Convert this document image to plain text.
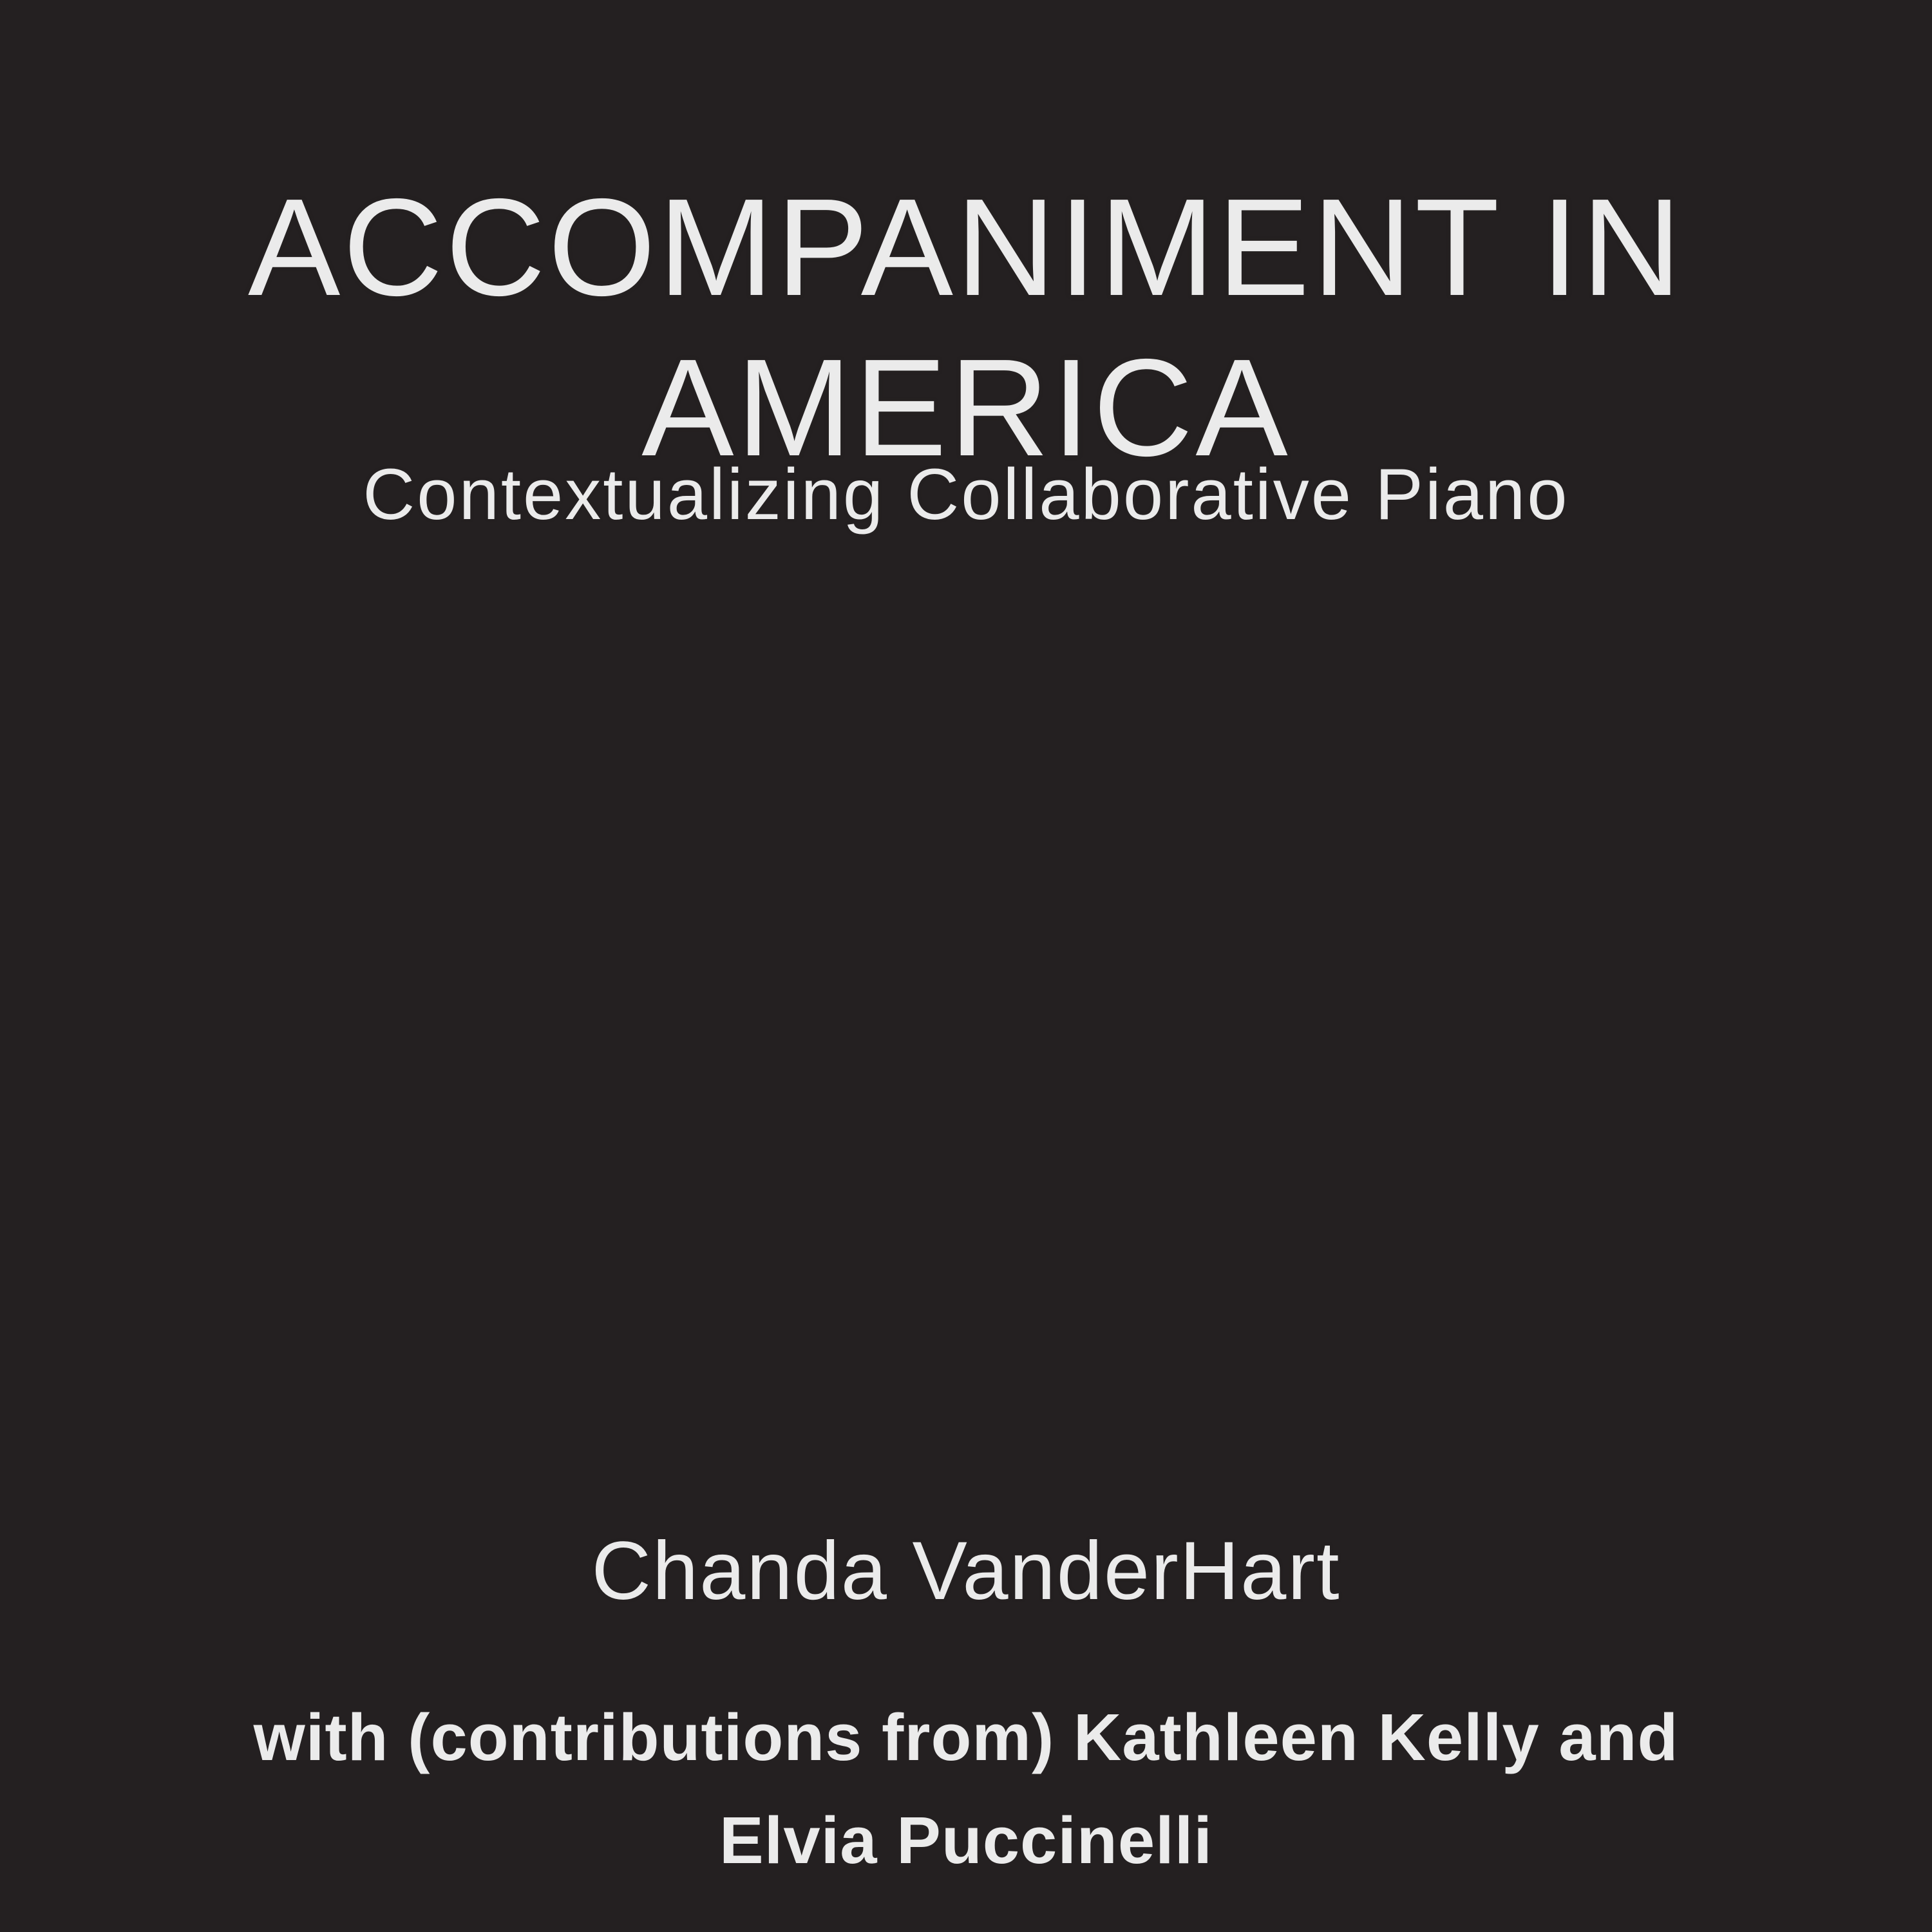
ACCOMPANIMENT IN
AMERICA
Contextualizing Collaborative Piano
Chanda VanderHart
with (contributions from) Kathleen Kelly and
Elvia Puccinelli
